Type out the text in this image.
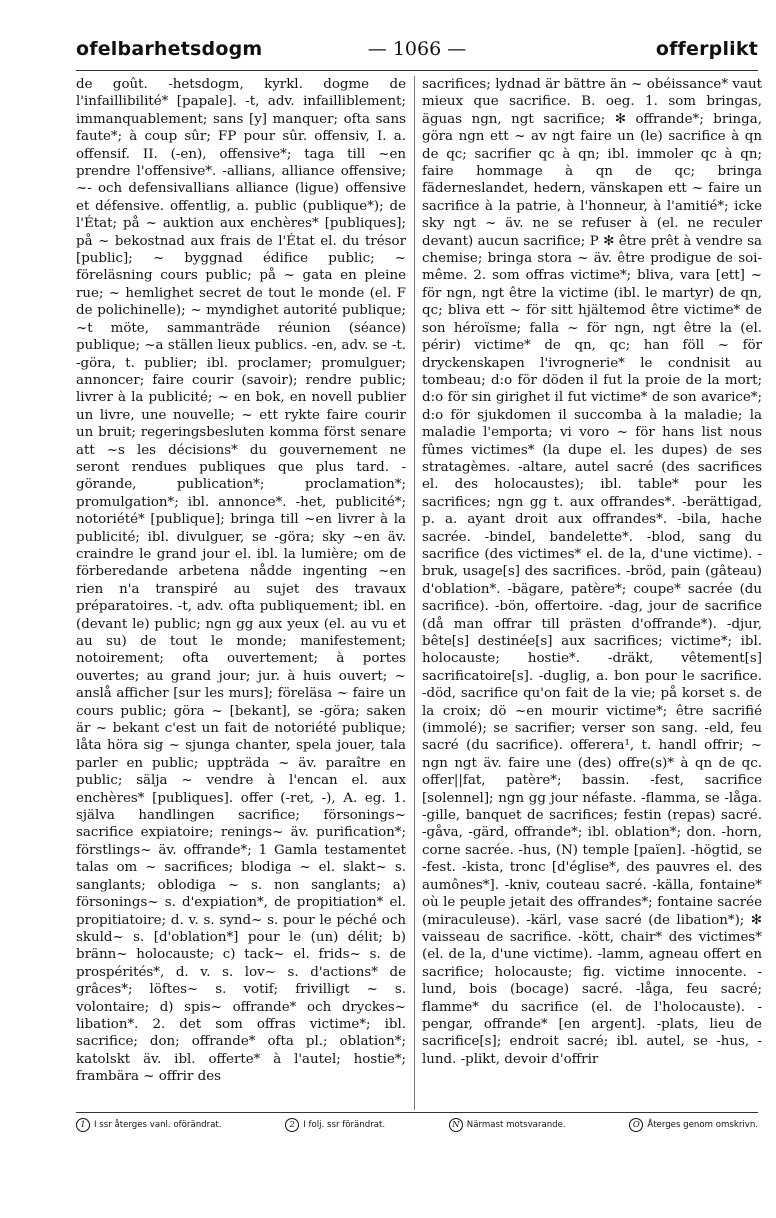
ofelbarhetsdogm	— 1066 —	offerplikt

de goût. -hetsdogm, kyrkl. dogme de l'infaillibilité* [papale]. -t, adv. infailliblement; immanquablement; sans [y] manquer; ofta sans faute*; à coup sûr; FP pour sûr. offensiv, I. a. offensif. II. (-en), offensive*; taga till ~en prendre l'offensive*. -allians, alliance offensive; ~- och defensivallians alliance (ligue) offensive et défensive. offentlig, a. public (publique*); de l'État; på ~ auktion aux enchères* [publiques]; på ~ bekostnad aux frais de l'État el. du trésor [public]; ~ byggnad édifice public; ~ föreläsning cours public; på ~ gata en pleine rue; ~ hemlighet secret de tout le monde (el. F de polichinelle); ~ myndighet autorité publique; ~t möte, sammanträde réunion (séance) publique; ~a ställen lieux publics. -en, adv. se -t. -göra, t. publier; ibl. proclamer; promulguer; annoncer; faire courir (savoir); rendre public; livrer à la publicité; ~ en bok, en novell publier un livre, une nouvelle; ~ ett rykte faire courir un bruit; regeringsbesluten komma först senare att ~s les décisions* du gouvernement ne seront rendues publiques que plus tard. -görande, publication*; proclamation*; promulgation*; ibl. annonce*. -het, publicité*; notoriété* [publique]; bringa till ~en livrer à la publicité; ibl. divulguer, se -göra; sky ~en äv. craindre le grand jour el. ibl. la lumière; om de förberedande arbetena nådde ingenting ~en rien n'a transpiré au sujet des travaux préparatoires. -t, adv. ofta publiquement; ibl. en (devant le) public; ngn gg aux yeux (el. au vu et au su) de tout le monde; manifestement; notoirement; ofta ouvertement; à portes ouvertes; au grand jour; jur. à huis ouvert; ~ anslå afficher [sur les murs]; föreläsa ~ faire un cours public; göra ~ [bekant], se -göra; saken är ~ bekant c'est un fait de notoriété publique; låta höra sig ~ sjunga chanter, spela jouer, tala parler en public; uppträda ~ äv. paraître en public; sälja ~ vendre à l'encan el. aux enchères* [publiques]. offer (-ret, -), A. eg. 1. själva handlingen sacrifice; försonings~ sacrifice expiatoire; renings~ äv. purification*; förstlings~ äv. offrande*; 1 Gamla testamentet talas om ~ sacrifices; blodiga ~ el. slakt~ s. sanglants; oblodiga ~ s. non sanglants; a) försonings~ s. d'expiation*, de propitiation* el. propitiatoire; d. v. s. synd~ s. pour le péché och skuld~ s. [d'oblation*] pour le (un) délit; b) bränn~ holocauste; c) tack~ el. frids~ s. de prospérités*, d. v. s. lov~ s. d'actions* de grâces*; löftes~ s. votif; frivilligt ~ s. volontaire; d) spis~ offrande* och dryckes~ libation*. 2. det som offras victime*; ibl. sacrifice; don; offrande* ofta pl.; oblation*; katolskt äv. ibl. offerte* à l'autel; hostie*; frambära ~ offrir des

sacrifices; lydnad är bättre än ~ obéissance* vaut mieux que sacrifice. B. oeg. 1. som bringas, äguas ngn, ngt sacrifice; ✻ offrande*; bringa, göra ngn ett ~ av ngt faire un (le) sacrifice à qn de qc; sacrifier qc à qn; ibl. immoler qc à qn; faire hommage à qn de qc; bringa fäderneslandet, hedern, vänskapen ett ~ faire un sacrifice à la patrie, à l'honneur, à l'amitié*; icke sky ngt ~ äv. ne se refuser à (el. ne reculer devant) aucun sacrifice; P ✻ être prêt à vendre sa chemise; bringa stora ~ äv. être prodigue de soi-même. 2. som offras victime*; bliva, vara [ett] ~ för ngn, ngt être la victime (ibl. le martyr) de qn, qc; bliva ett ~ för sitt hjältemod être victime* de son héroïsme; falla ~ för ngn, ngt être la (el. périr) victime* de qn, qc; han föll ~ för dryckenskapen l'ivrognerie* le condnisit au tombeau; d:o för döden il fut la proie de la mort; d:o för sin girighet il fut victime* de son avarice*; d:o för sjukdomen il succomba à la maladie; la maladie l'emporta; vi voro ~ för hans list nous fûmes victimes* (la dupe el. les dupes) de ses stratagèmes. -altare, autel sacré (des sacrifices el. des holocaustes); ibl. table* pour les sacrifices; ngn gg t. aux offrandes*. -berättigad, p. a. ayant droit aux offrandes*. -bila, hache sacrée. -bindel, bandelette*. -blod, sang du sacrifice (des victimes* el. de la, d'une victime). -bruk, usage[s] des sacrifices. -bröd, pain (gâteau) d'oblation*. -bägare, patère*; coupe* sacrée (du sacrifice). -bön, offertoire. -dag, jour de sacrifice (då man offrar till prästen d'offrande*). -djur, bête[s] destinée[s] aux sacrifices; victime*; ibl. holocauste; hostie*. -dräkt, vêtement[s] sacrificatoire[s]. -duglig, a. bon pour le sacrifice. -död, sacrifice qu'on fait de la vie; på korset s. de la croix; dö ~en mourir victime*; être sacrifié (immolé); se sacrifier; verser son sang. -eld, feu sacré (du sacrifice). offerera¹, t. handl offrir; ~ ngn ngt äv. faire une (des) offre(s)* à qn de qc. offer||fat, patère*; bassin. -fest, sacrifice [solennel]; ngn gg jour néfaste. -flamma, se -låga. -gille, banquet de sacrifices; festin (repas) sacré. -gåva, -gärd, offrande*; ibl. oblation*; don. -horn, corne sacrée. -hus, (N) temple [païen]. -högtid, se -fest. -kista, tronc [d'église*, des pauvres el. des aumônes*]. -kniv, couteau sacré. -källa, fontaine* où le peuple jetait des offrandes*; fontaine sacrée (miraculeuse). -kärl, vase sacré (de libation*); ✻ vaisseau de sacrifice. -kött, chair* des victimes* (el. de la, d'une victime). -lamm, agneau offert en sacrifice; holocauste; fig. victime innocente. -lund, bois (bocage) sacré. -låga, feu sacré; flamme* du sacrifice (el. de l'holocauste). -pengar, offrande* [en argent]. -plats, lieu de sacrifice[s]; endroit sacré; ibl. autel, se -hus, -lund. -plikt, devoir d'offrir

1 I ssr återges vanl. oförändrat.	2 I folj. ssr förändrat.	N Närmast motsvarande.	O Återges genom omskrivn.
